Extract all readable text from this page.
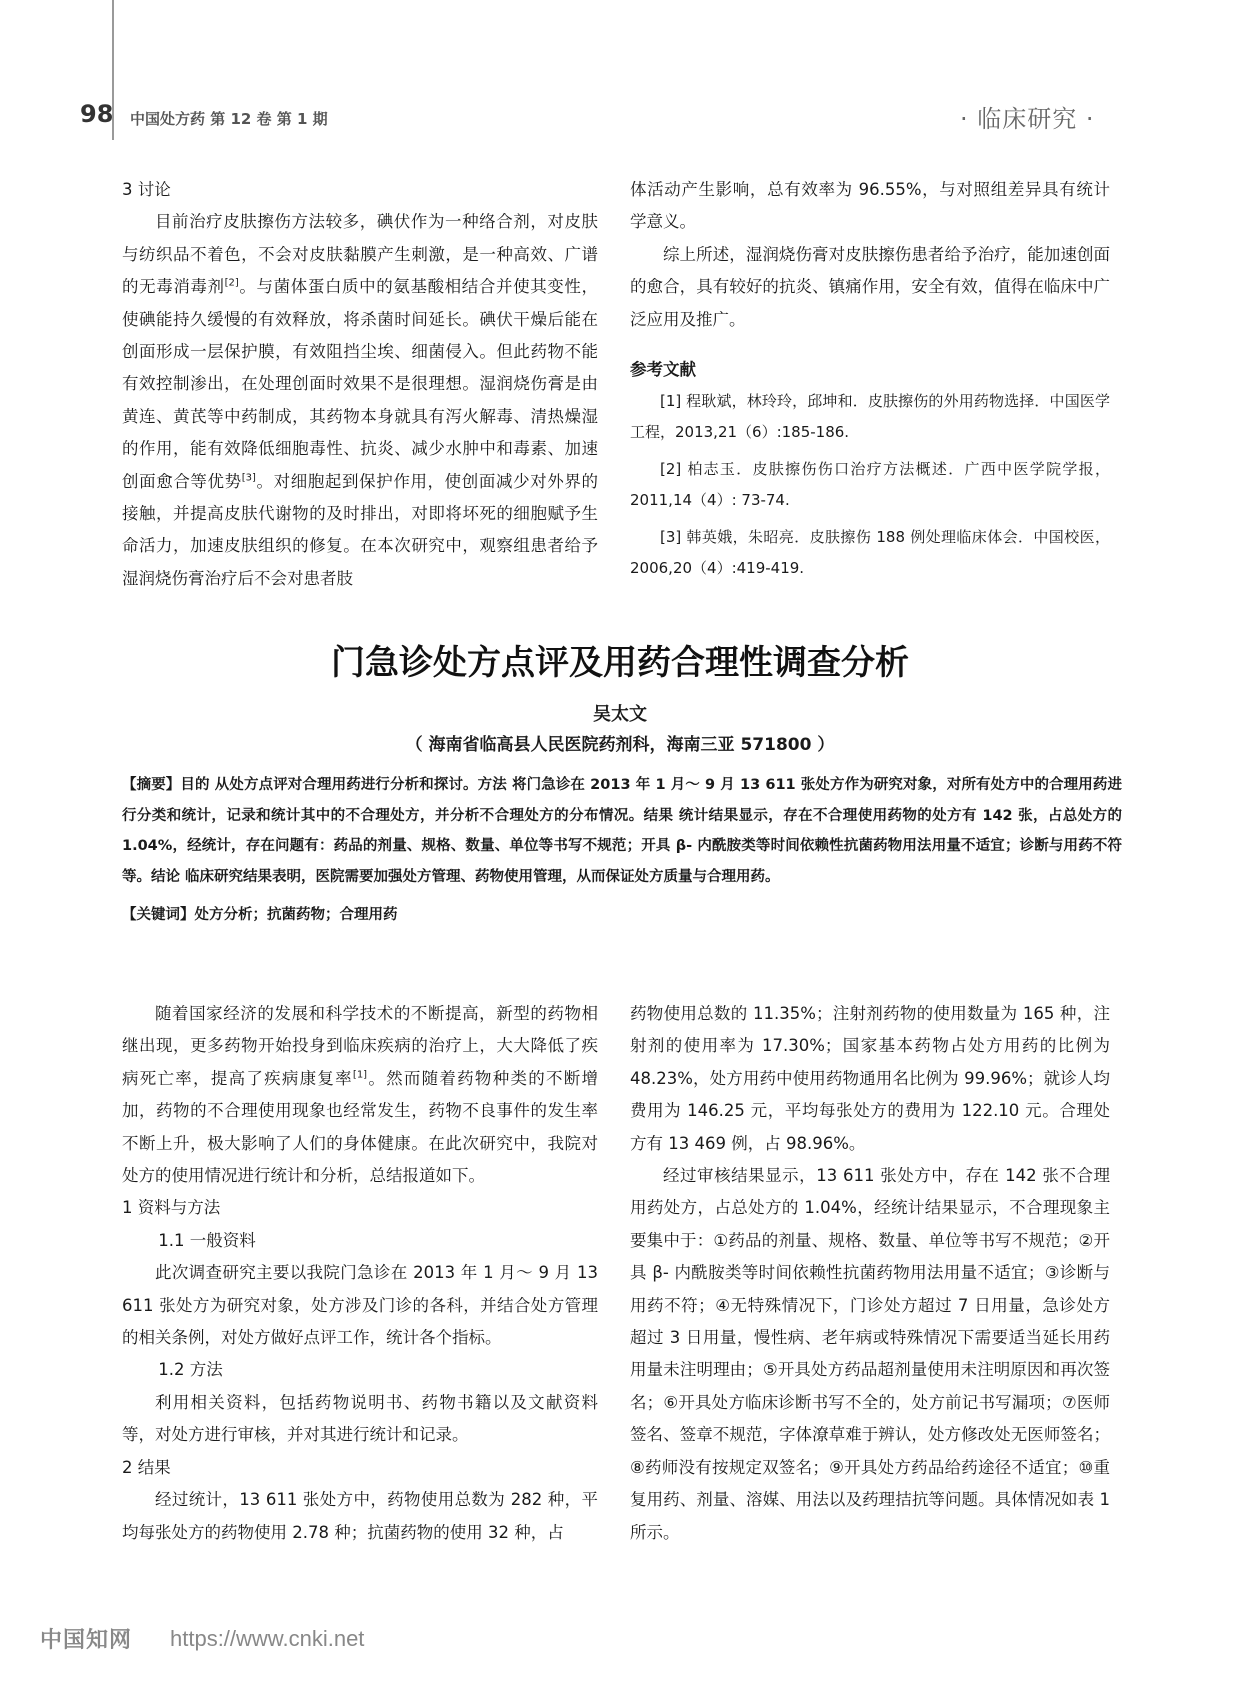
98 中国处方药 第 12 卷 第 1 期	· 临床研究 ·

3 讨论

目前治疗皮肤擦伤方法较多，碘伏作为一种络合剂，对皮肤与纺织品不着色，不会对皮肤黏膜产生刺激，是一种高效、广谱的无毒消毒剂[2]。与菌体蛋白质中的氨基酸相结合并使其变性，使碘能持久缓慢的有效释放，将杀菌时间延长。碘伏干燥后能在创面形成一层保护膜，有效阻挡尘埃、细菌侵入。但此药物不能有效控制渗出，在处理创面时效果不是很理想。湿润烧伤膏是由黄连、黄芪等中药制成，其药物本身就具有泻火解毒、清热燥湿的作用，能有效降低细胞毒性、抗炎、减少水肿中和毒素、加速创面愈合等优势[3]。对细胞起到保护作用，使创面减少对外界的接触，并提高皮肤代谢物的及时排出，对即将坏死的细胞赋予生命活力，加速皮肤组织的修复。在本次研究中，观察组患者给予湿润烧伤膏治疗后不会对患者肢

体活动产生影响，总有效率为 96.55%，与对照组差异具有统计学意义。

综上所述，湿润烧伤膏对皮肤擦伤患者给予治疗，能加速创面的愈合，具有较好的抗炎、镇痛作用，安全有效，值得在临床中广泛应用及推广。

参考文献

[1] 程耿斌，林玲玲，邱坤和．皮肤擦伤的外用药物选择．中国医学工程，2013,21（6）:185-186.

[2] 柏志玉．皮肤擦伤伤口治疗方法概述．广西中医学院学报，2011,14（4）: 73-74.

[3] 韩英娥，朱昭亮．皮肤擦伤 188 例处理临床体会．中国校医，2006,20（4）:419-419.

门急诊处方点评及用药合理性调查分析
吴太文
（ 海南省临高县人民医院药剂科，海南三亚 571800 ）

【摘要】目的 从处方点评对合理用药进行分析和探讨。方法 将门急诊在 2013 年 1 月～ 9 月 13 611 张处方作为研究对象，对所有处方中的合理用药进行分类和统计，记录和统计其中的不合理处方，并分析不合理处方的分布情况。结果 统计结果显示，存在不合理使用药物的处方有 142 张，占总处方的 1.04%，经统计，存在问题有：药品的剂量、规格、数量、单位等书写不规范；开具 β- 内酰胺类等时间依赖性抗菌药物用法用量不适宜；诊断与用药不符等。结论 临床研究结果表明，医院需要加强处方管理、药物使用管理，从而保证处方质量与合理用药。

【关键词】处方分析；抗菌药物；合理用药

随着国家经济的发展和科学技术的不断提高，新型的药物相继出现，更多药物开始投身到临床疾病的治疗上，大大降低了疾病死亡率，提高了疾病康复率[1]。然而随着药物种类的不断增加，药物的不合理使用现象也经常发生，药物不良事件的发生率不断上升，极大影响了人们的身体健康。在此次研究中，我院对处方的使用情况进行统计和分析，总结报道如下。

1 资料与方法

1.1 一般资料

此次调查研究主要以我院门急诊在 2013 年 1 月～ 9 月 13 611 张处方为研究对象，处方涉及门诊的各科，并结合处方管理的相关条例，对处方做好点评工作，统计各个指标。

1.2 方法

利用相关资料，包括药物说明书、药物书籍以及文献资料等，对处方进行审核，并对其进行统计和记录。

2 结果

经过统计，13 611 张处方中，药物使用总数为 282 种，平均每张处方的药物使用 2.78 种；抗菌药物的使用 32 种，占

药物使用总数的 11.35%；注射剂药物的使用数量为 165 种，注射剂的使用率为 17.30%；国家基本药物占处方用药的比例为 48.23%，处方用药中使用药物通用名比例为 99.96%；就诊人均费用为 146.25 元，平均每张处方的费用为 122.10 元。合理处方有 13 469 例，占 98.96%。

经过审核结果显示，13 611 张处方中，存在 142 张不合理用药处方，占总处方的 1.04%，经统计结果显示，不合理现象主要集中于：①药品的剂量、规格、数量、单位等书写不规范；②开具 β- 内酰胺类等时间依赖性抗菌药物用法用量不适宜；③诊断与用药不符；④无特殊情况下，门诊处方超过 7 日用量，急诊处方超过 3 日用量，慢性病、老年病或特殊情况下需要适当延长用药用量未注明理由；⑤开具处方药品超剂量使用未注明原因和再次签名；⑥开具处方临床诊断书写不全的，处方前记书写漏项；⑦医师签名、签章不规范，字体潦草难于辨认，处方修改处无医师签名；⑧药师没有按规定双签名；⑨开具处方药品给药途径不适宜；⑩重复用药、剂量、溶媒、用法以及药理拮抗等问题。具体情况如表 1 所示。

中国知网 https://www.cnki.net
